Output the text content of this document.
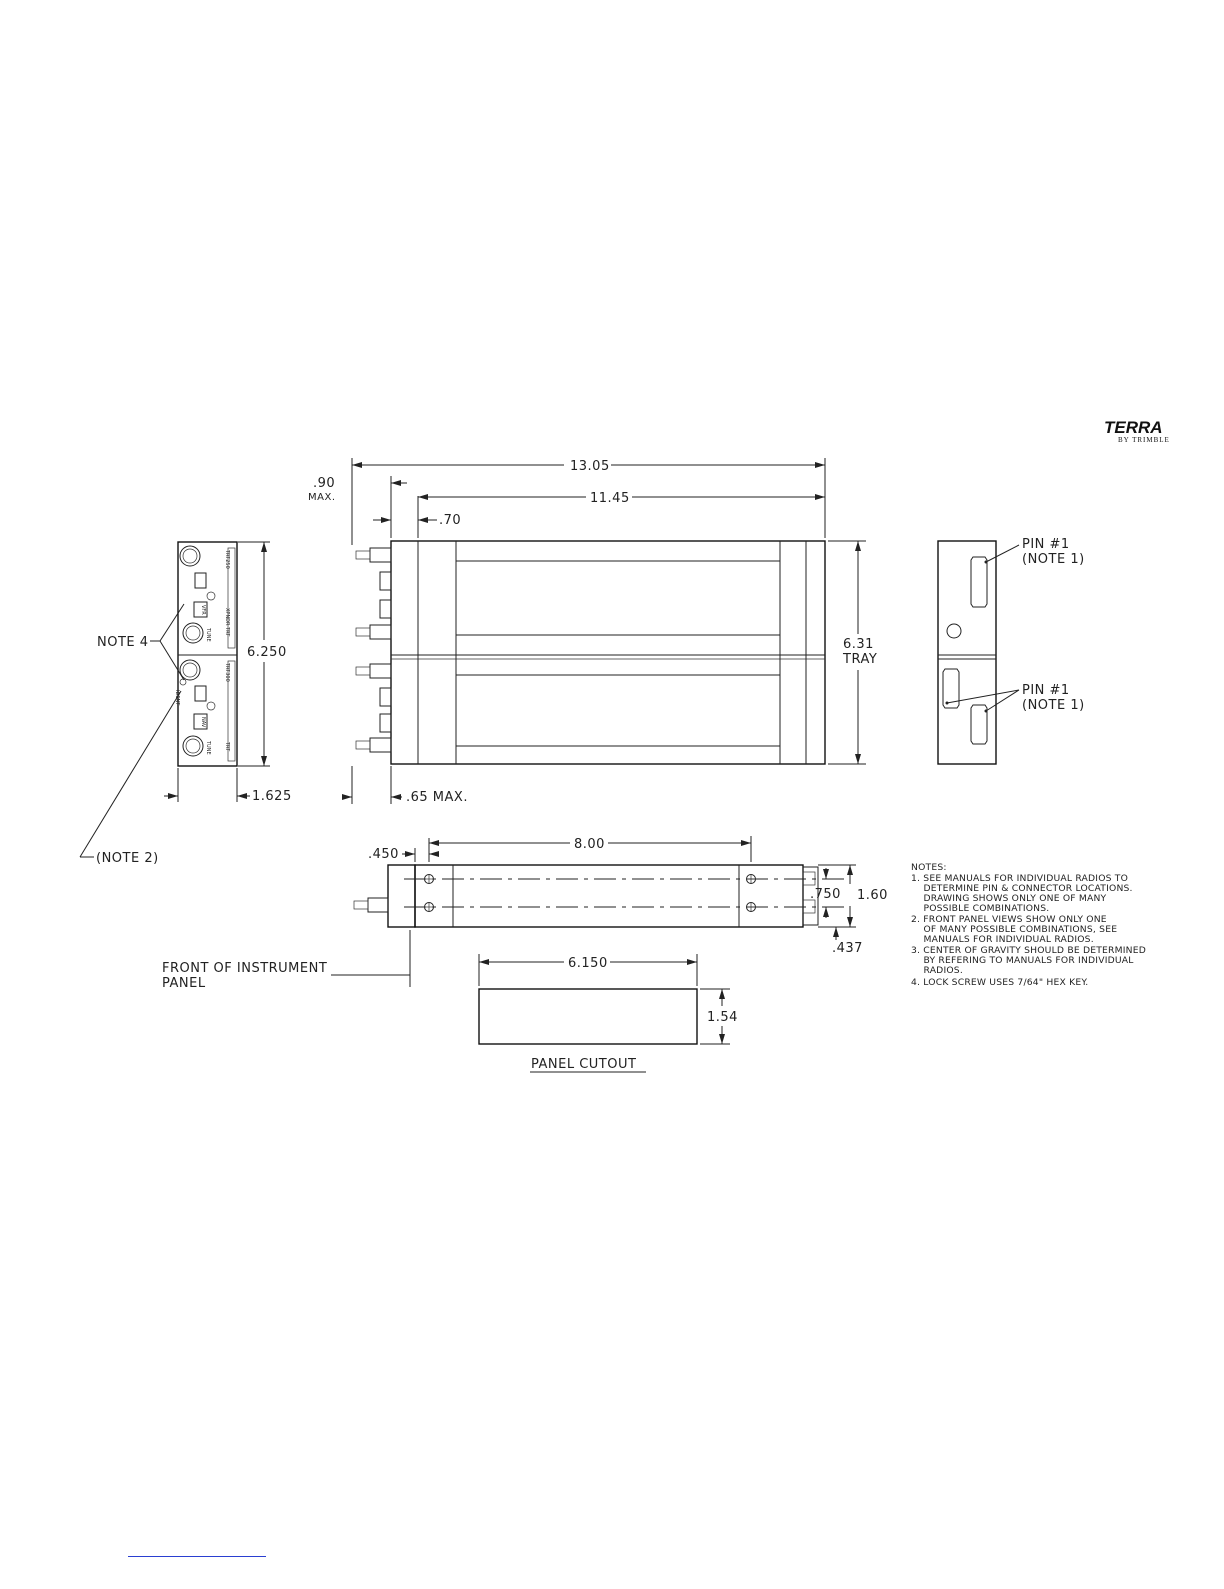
TERRA
BY TRIMBLE
TRT250
XPNDR TRT
TUNE
VFR
TRT300
TRT
TUNE
NAV
IDENT
NOTE 4
(NOTE 2)
6.250
1.625
13.05
.90
MAX.	11.45
.70
6.31
TRAY
.65 MAX.
PIN #1
(NOTE 1)
PIN #1
(NOTE 1)
.450
8.00
.750 1.60
.437
FRONT OF INSTRUMENT
PANEL
6.150
1.54
PANEL CUTOUT
NOTES:
1. SEE MANUALS FOR INDIVIDUAL RADIOS TO
DETERMINE PIN & CONNECTOR LOCATIONS.
DRAWING SHOWS ONLY ONE OF MANY
POSSIBLE COMBINATIONS.
2. FRONT PANEL VIEWS SHOW ONLY ONE
OF MANY POSSIBLE COMBINATIONS, SEE
MANUALS FOR INDIVIDUAL RADIOS.
3. CENTER OF GRAVITY SHOULD BE DETERMINED
BY REFERING TO MANUALS FOR INDIVIDUAL
RADIOS.
4. LOCK SCREW USES 7/64" HEX KEY.
